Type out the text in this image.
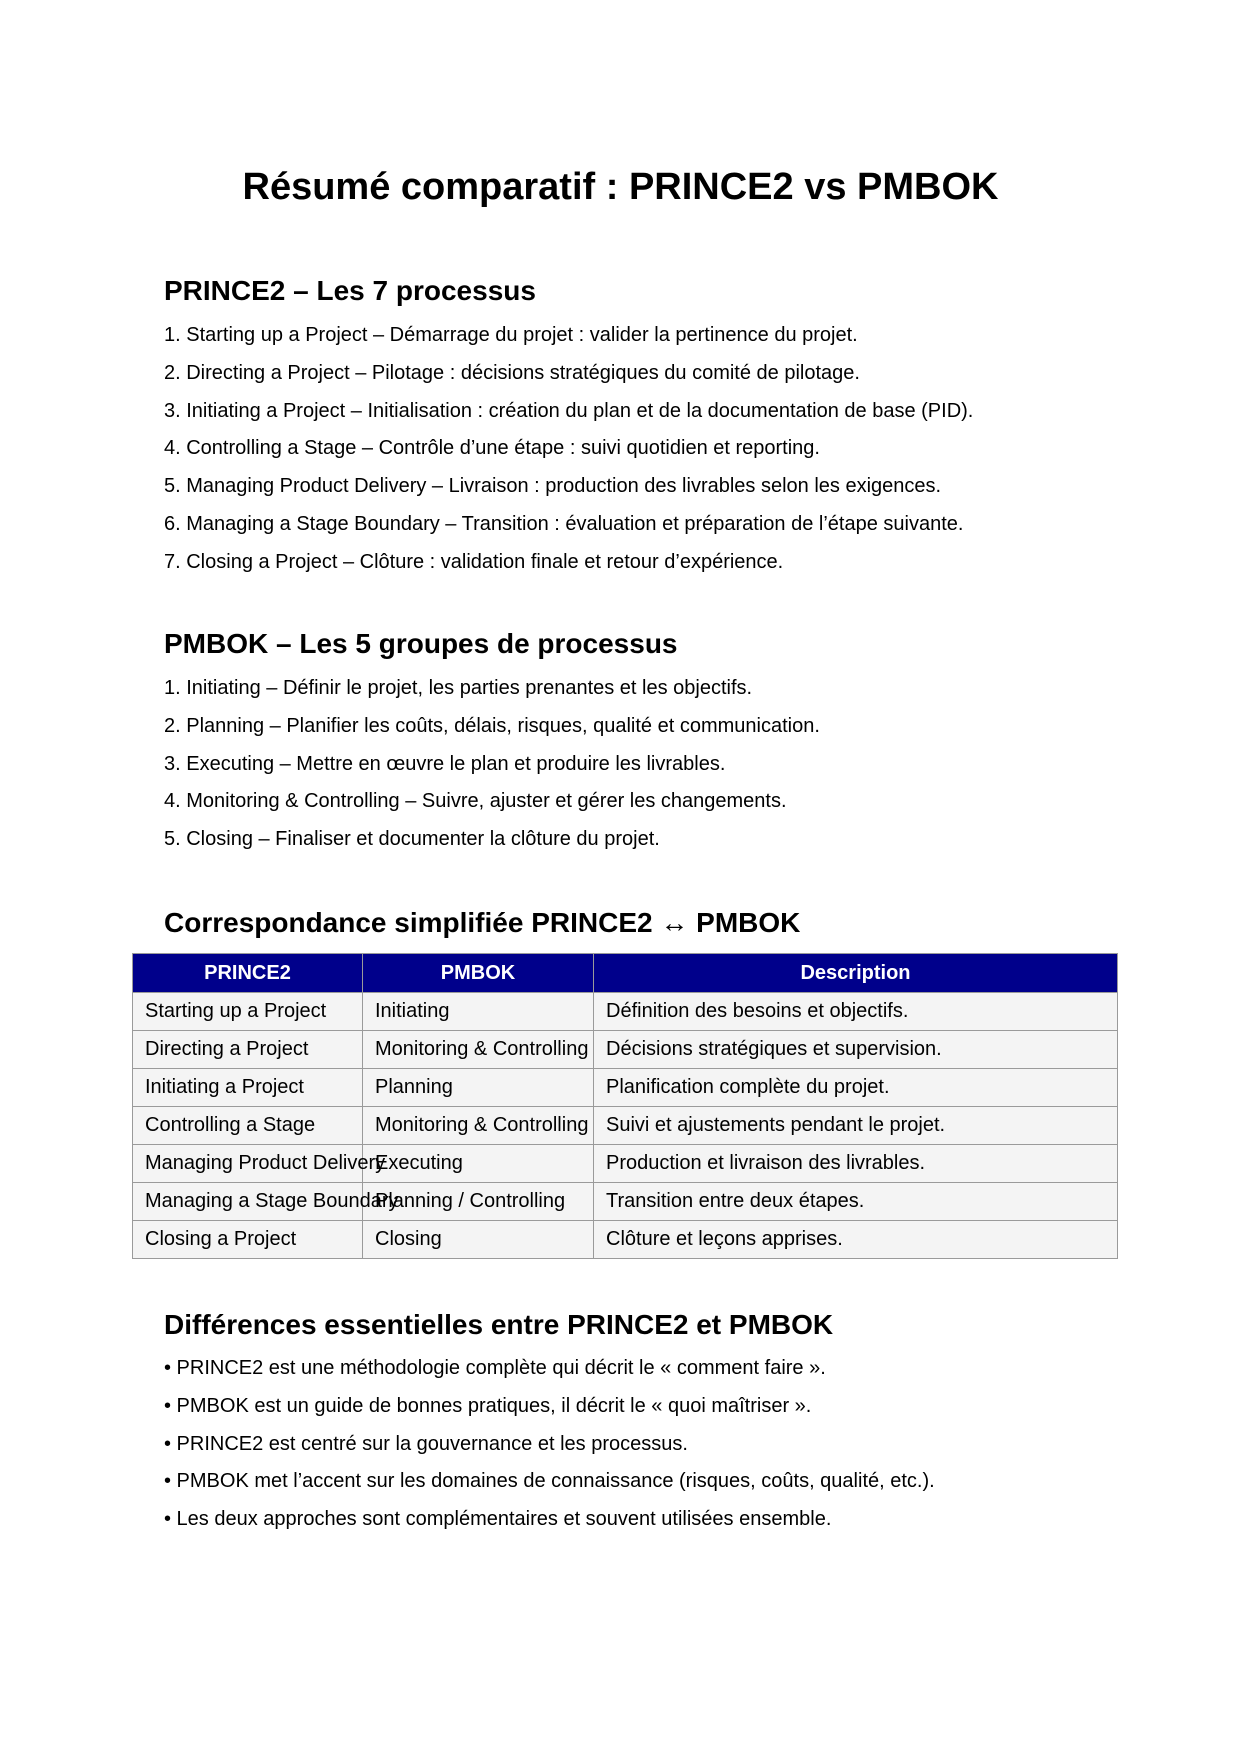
Résumé comparatif : PRINCE2 vs PMBOK
PRINCE2 – Les 7 processus
1. Starting up a Project – Démarrage du projet : valider la pertinence du projet.
2. Directing a Project – Pilotage : décisions stratégiques du comité de pilotage.
3. Initiating a Project – Initialisation : création du plan et de la documentation de base (PID).
4. Controlling a Stage – Contrôle d’une étape : suivi quotidien et reporting.
5. Managing Product Delivery – Livraison : production des livrables selon les exigences.
6. Managing a Stage Boundary – Transition : évaluation et préparation de l’étape suivante.
7. Closing a Project – Clôture : validation finale et retour d’expérience.
PMBOK – Les 5 groupes de processus
1. Initiating – Définir le projet, les parties prenantes et les objectifs.
2. Planning – Planifier les coûts, délais, risques, qualité et communication.
3. Executing – Mettre en œuvre le plan et produire les livrables.
4. Monitoring & Controlling – Suivre, ajuster et gérer les changements.
5. Closing – Finaliser et documenter la clôture du projet.
Correspondance simplifiée PRINCE2 ↔ PMBOK
PRINCE2	PMBOK	Description
Starting up a Project	Initiating	Définition des besoins et objectifs.
Directing a Project	Monitoring & Controlling	Décisions stratégiques et supervision.
Initiating a Project	Planning	Planification complète du projet.
Controlling a Stage	Monitoring & Controlling	Suivi et ajustements pendant le projet.
Managing Product Delivery	Executing	Production et livraison des livrables.
Managing a Stage Boundary	Planning / Controlling	Transition entre deux étapes.
Closing a Project	Closing	Clôture et leçons apprises.
Différences essentielles entre PRINCE2 et PMBOK
• PRINCE2 est une méthodologie complète qui décrit le « comment faire ».
• PMBOK est un guide de bonnes pratiques, il décrit le « quoi maîtriser ».
• PRINCE2 est centré sur la gouvernance et les processus.
• PMBOK met l’accent sur les domaines de connaissance (risques, coûts, qualité, etc.).
• Les deux approches sont complémentaires et souvent utilisées ensemble.
